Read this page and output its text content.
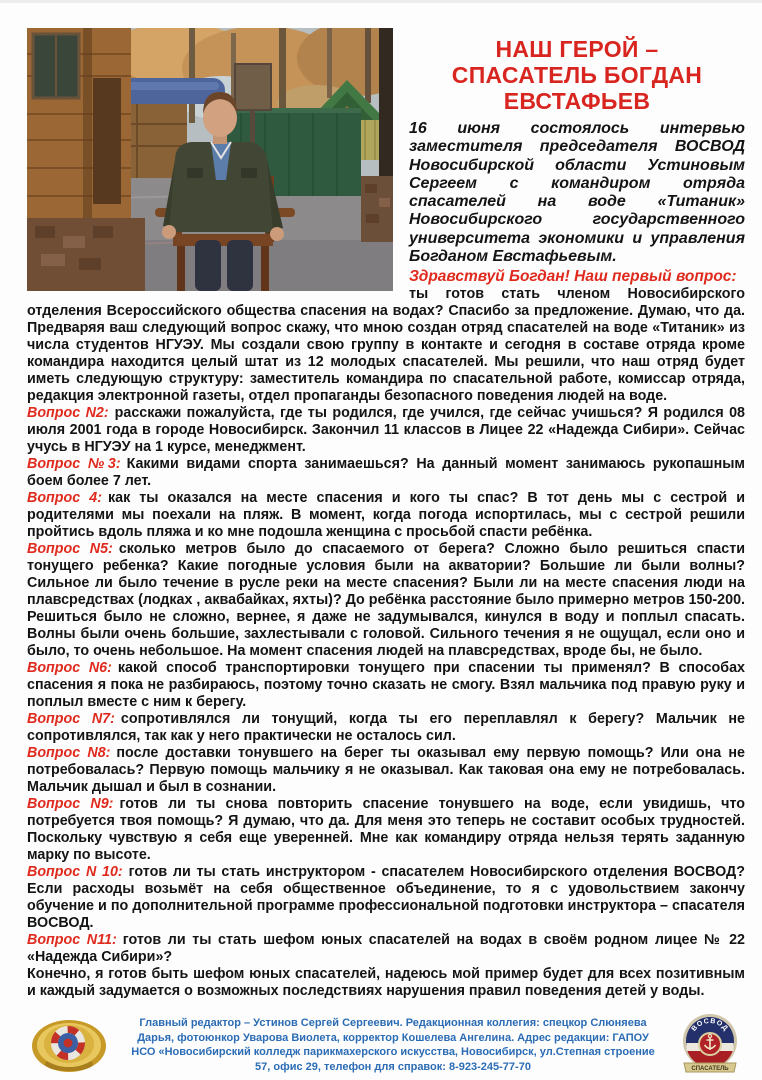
НАШ ГЕРОЙ –
СПАСАТЕЛЬ БОГДАН
ЕВСТАФЬЕВ

16 июня состоялось интервью заместителя председателя ВОСВОД Новосибирской области Устиновым Сергеем с командиром отряда спасателей на воде «Титаник» Новосибирского государственного университета экономики и управления Богданом Евстафьевым.

Здравствуй Богдан! Наш первый вопрос:

ты готов стать членом Новосибирского отделения Всероссийского общества спасения на водах? Спасибо за предложение. Думаю, что да. Предваряя ваш следующий вопрос скажу, что мною создан отряд спасателей на воде «Титаник» из числа студентов НГУЭУ. Мы создали свою группу в контакте и сегодня в составе отряда кроме командира находится целый штат из 12 молодых спасателей. Мы решили, что наш отряд будет иметь следующую структуру: заместитель командира по спасательной работе, комиссар отряда, редакция электронной газеты, отдел пропаганды безопасного поведения людей на воде.

Вопрос N2: расскажи пожалуйста, где ты родился, где учился, где сейчас учишься? Я родился 08 июля 2001 года в городе Новосибирск. Закончил 11 классов в Лицее 22 «Надежда Сибири». Сейчас учусь в НГУЭУ на 1 курсе, менеджмент.

Вопрос №3: Какими видами спорта занимаешься? На данный момент занимаюсь рукопашным боем более 7 лет.

Вопрос 4: как ты оказался на месте спасения и кого ты спас? В тот день мы с сестрой и родителями мы поехали на пляж. В момент, когда погода испортилась, мы с сестрой решили пройтись вдоль пляжа и ко мне подошла женщина с просьбой спасти ребёнка.

Вопрос N5: сколько метров было до спасаемого от берега? Сложно было решиться спасти тонущего ребенка? Какие погодные условия были на акватории? Большие ли были волны? Сильное ли было течение в русле реки на месте спасения? Были ли на месте спасения люди на плавсредствах (лодках , аквабайках, яхты)? До ребёнка расстояние было примерно метров 150-200. Решиться было не сложно, вернее, я даже не задумывался, кинулся в воду и поплыл спасать. Волны были очень большие, захлестывали с головой. Сильного течения я не ощущал, если оно и было, то очень небольшое. На момент спасения людей на плавсредствах, вроде бы, не было.

Вопрос N6: какой способ транспортировки тонущего при спасении ты применял? В способах спасения я пока не разбираюсь, поэтому точно сказать не смогу. Взял мальчика под правую руку и поплыл вместе с ним к берегу.

Вопрос N7: сопротивлялся ли тонущий, когда ты его переплавлял к берегу? Мальчик не сопротивлялся, так как у него практически не осталось сил.

Вопрос N8: после доставки тонувшего на берег ты оказывал ему первую помощь? Или она не потребовалась? Первую помощь мальчику я не оказывал. Как таковая она ему не потребовалась. Мальчик дышал и был в сознании.

Вопрос N9: готов ли ты снова повторить спасение тонувшего на воде, если увидишь, что потребуется твоя помощь? Я думаю, что да. Для меня это теперь не составит особых трудностей. Поскольку чувствую я себя еще уверенней. Мне как командиру отряда нельзя терять заданную марку по высоте.

Вопрос N 10: готов ли ты стать инструктором - спасателем Новосибирского отделения ВОСВОД? Если расходы возьмёт на себя общественное объединение, то я с удовольствием закончу обучение и по дополнительной программе профессиональной подготовки инструктора – спасателя ВОСВОД.

Вопрос N11: готов ли ты стать шефом юных спасателей на водах в своём родном лицее № 22 «Надежда Сибири»?

Конечно, я готов быть шефом юных спасателей, надеюсь мой пример будет для всех позитивным и каждый задумается о возможных последствиях нарушения правил поведения детей у воды.

Главный редактор – Устинов Сергей Сергеевич. Редакционная коллегия: спецкор Слюняева Дарья, фотоюнкор Уварова Виолета, корректор Кошелева Ангелина. Адрес редакции: ГАПОУ НСО «Новосибирский колледж парикмахерского искусства, Новосибирск, ул.Степная строение 57, офис 29, телефон для справок: 8-923-245-77-70
ВОСВОД
СПАСАТЕЛЬ
